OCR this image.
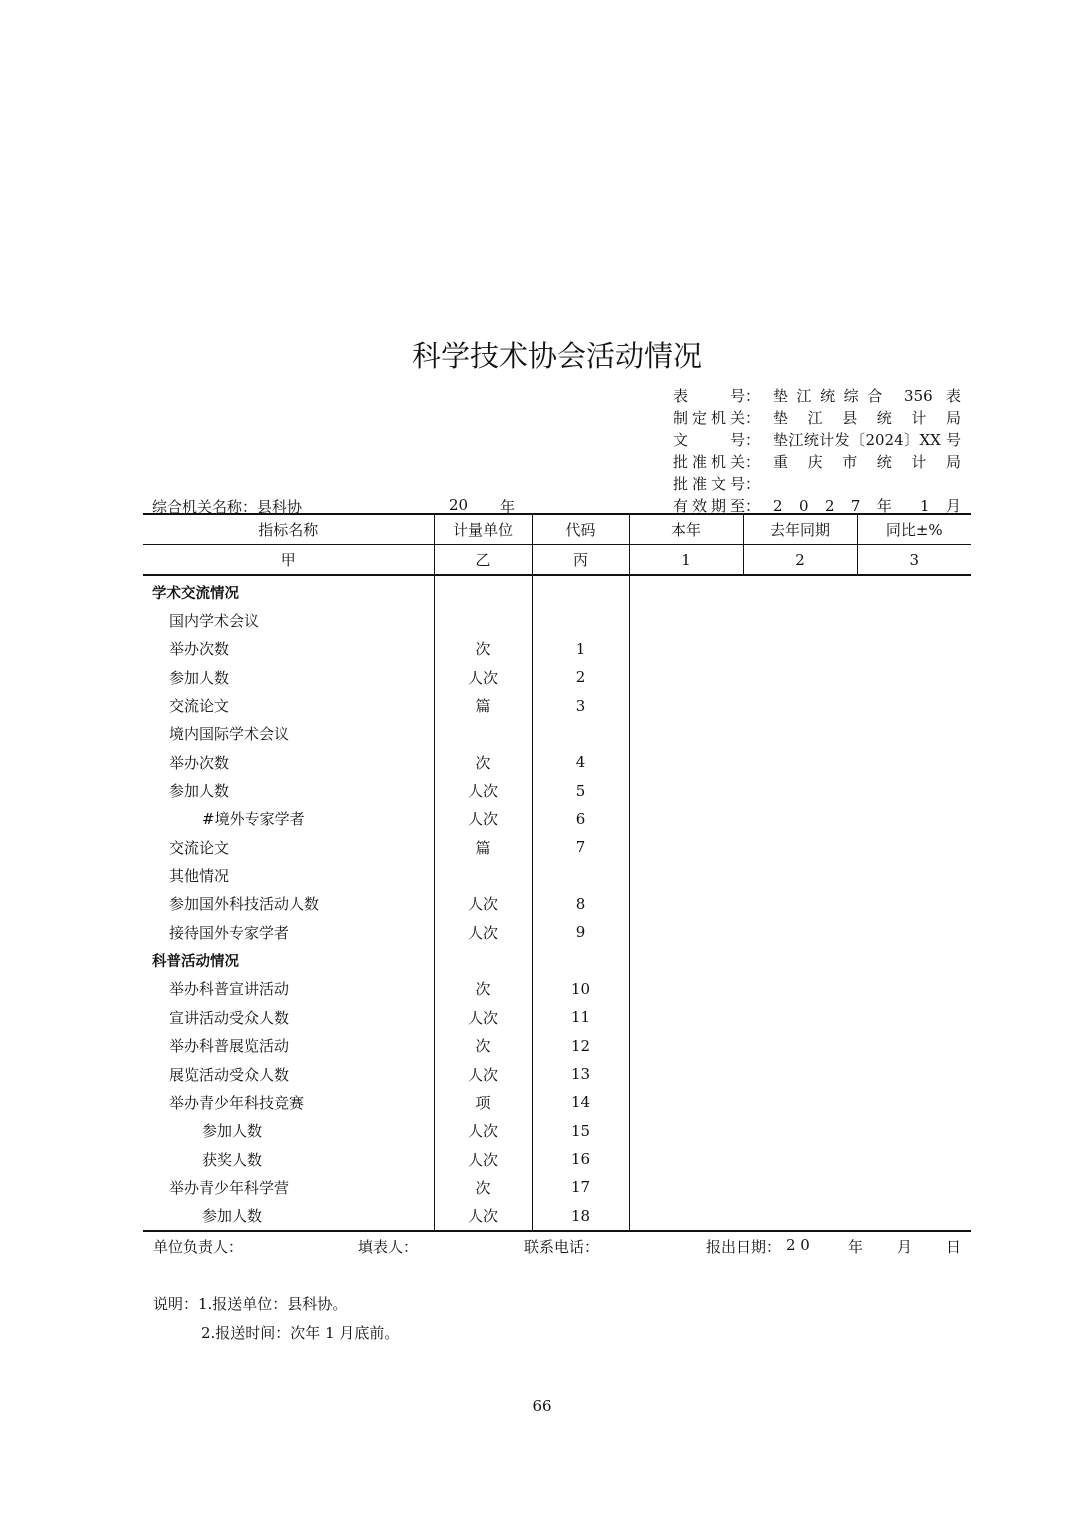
科学技术协会活动情况
表 号 ： 垫江统综合 356 表
制定机关 ： 垫 江 县 统 计 局
文 号 ： 垫江统计发〔2024〕XX 号
批准机关 ： 重 庆 市 统 计 局
批准文号 ：
有效期至 ： 2 0 2 7 年 1 月
综合机关名称：县科协	20 年
指标名称	计量单位	代码	本年	去年同期	同比±%
甲	乙	丙	1	2	3
学术交流情况					
国内学术会议					
举办次数	次	1			
参加人数	人次	2			
交流论文	篇	3			
境内国际学术会议					
举办次数	次	4			
参加人数	人次	5			
#境外专家学者	人次	6			
交流论文	篇	7			
其他情况					
参加国外科技活动人数	人次	8			
接待国外专家学者	人次	9			
科普活动情况					
举办科普宣讲活动	次	10			
宣讲活动受众人数	人次	11			
举办科普展览活动	次	12			
展览活动受众人数	人次	13			
举办青少年科技竞赛	项	14			
参加人数	人次	15			
获奖人数	人次	16			
举办青少年科学营	次	17			
参加人数	人次	18			
单位负责人：	填表人：	联系电话：	报出日期： 2 0	年 月 日
说明：1.报送单位：县科协。
2.报送时间：次年 1 月底前。
66
